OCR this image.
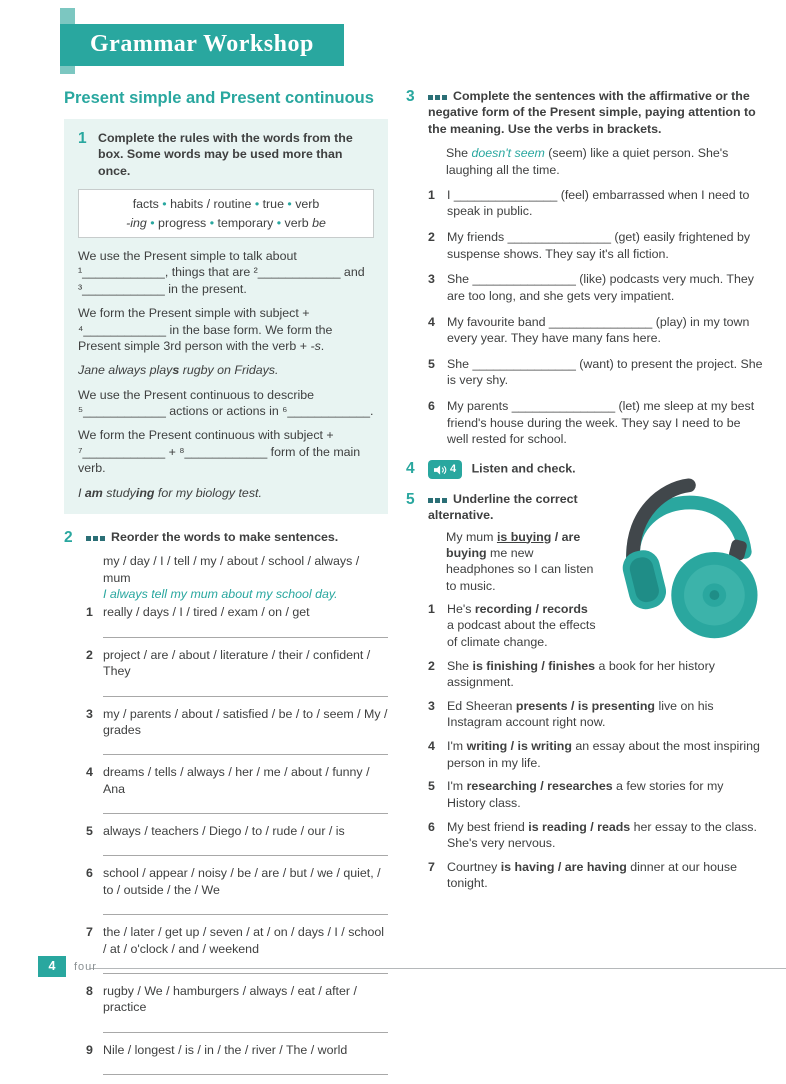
Grammar Workshop
Present simple and Present continuous
1 Complete the rules with the words from the box. Some words may be used more than once.
facts • habits / routine • true • verb
-ing • progress • temporary • verb be

We use the Present simple to talk about ¹____________, things that are ²____________ and ³____________ in the present.

We form the Present simple with subject + ⁴____________ in the base form. We form the Present simple 3rd person with the verb + -s.

Jane always plays rugby on Fridays.

We use the Present continuous to describe ⁵____________ actions or actions in ⁶____________.

We form the Present continuous with subject + ⁷____________ + ⁸____________ form of the main verb.

I am studying for my biology test.

2	Reorder the words to make sentences.
my / day / I / tell / my / about / school / always / mum
I always tell my mum about my school day.
1 really / days / I / tired / exam / on / get
2 project / are / about / literature / their / confident / They
3 my / parents / about / satisfied / be / to / seem / My / grades
4 dreams / tells / always / her / me / about / funny / Ana
5 always / teachers / Diego / to / rude / our / is
6 school / appear / noisy / be / are / but / we / quiet, / to / outside / the / We
7 the / later / get up / seven / at / on / days / I / school / at / o'clock / and / weekend
8 rugby / We / hamburgers / always / eat / after / practice
9 Nile / longest / is / in / the / river / The / world
3	Complete the sentences with the affirmative or the negative form of the Present simple, paying attention to the meaning. Use the verbs in brackets.

She doesn't seem (seem) like a quiet person. She's laughing all the time.

1 I _______________ (feel) embarrassed when I need to speak in public.
2 My friends _______________ (get) easily frightened by suspense shows. They say it's all fiction.
3 She _______________ (like) podcasts very much. They are too long, and she gets very impatient.
4 My favourite band _______________ (play) in my town every year. They have many fans here.
5 She _______________ (want) to present the project. She is very shy.
6 My parents _______________ (let) me sleep at my best friend's house during the week. They say I need to be well rested for school.
4	4 Listen and check.
5	Underline the correct alternative.

My mum is buying / are buying me new headphones so I can listen to music.

1 He's recording / records a podcast about the effects of climate change.
2 She is finishing / finishes a book for her history assignment.
3 Ed Sheeran presents / is presenting live on his Instagram account right now.
4 I'm writing / is writing an essay about the most inspiring person in my life.
5 I'm researching / researches a few stories for my History class.
6 My best friend is reading / reads her essay to the class. She's very nervous.
7 Courtney is having / are having dinner at our house tonight.
4	four
